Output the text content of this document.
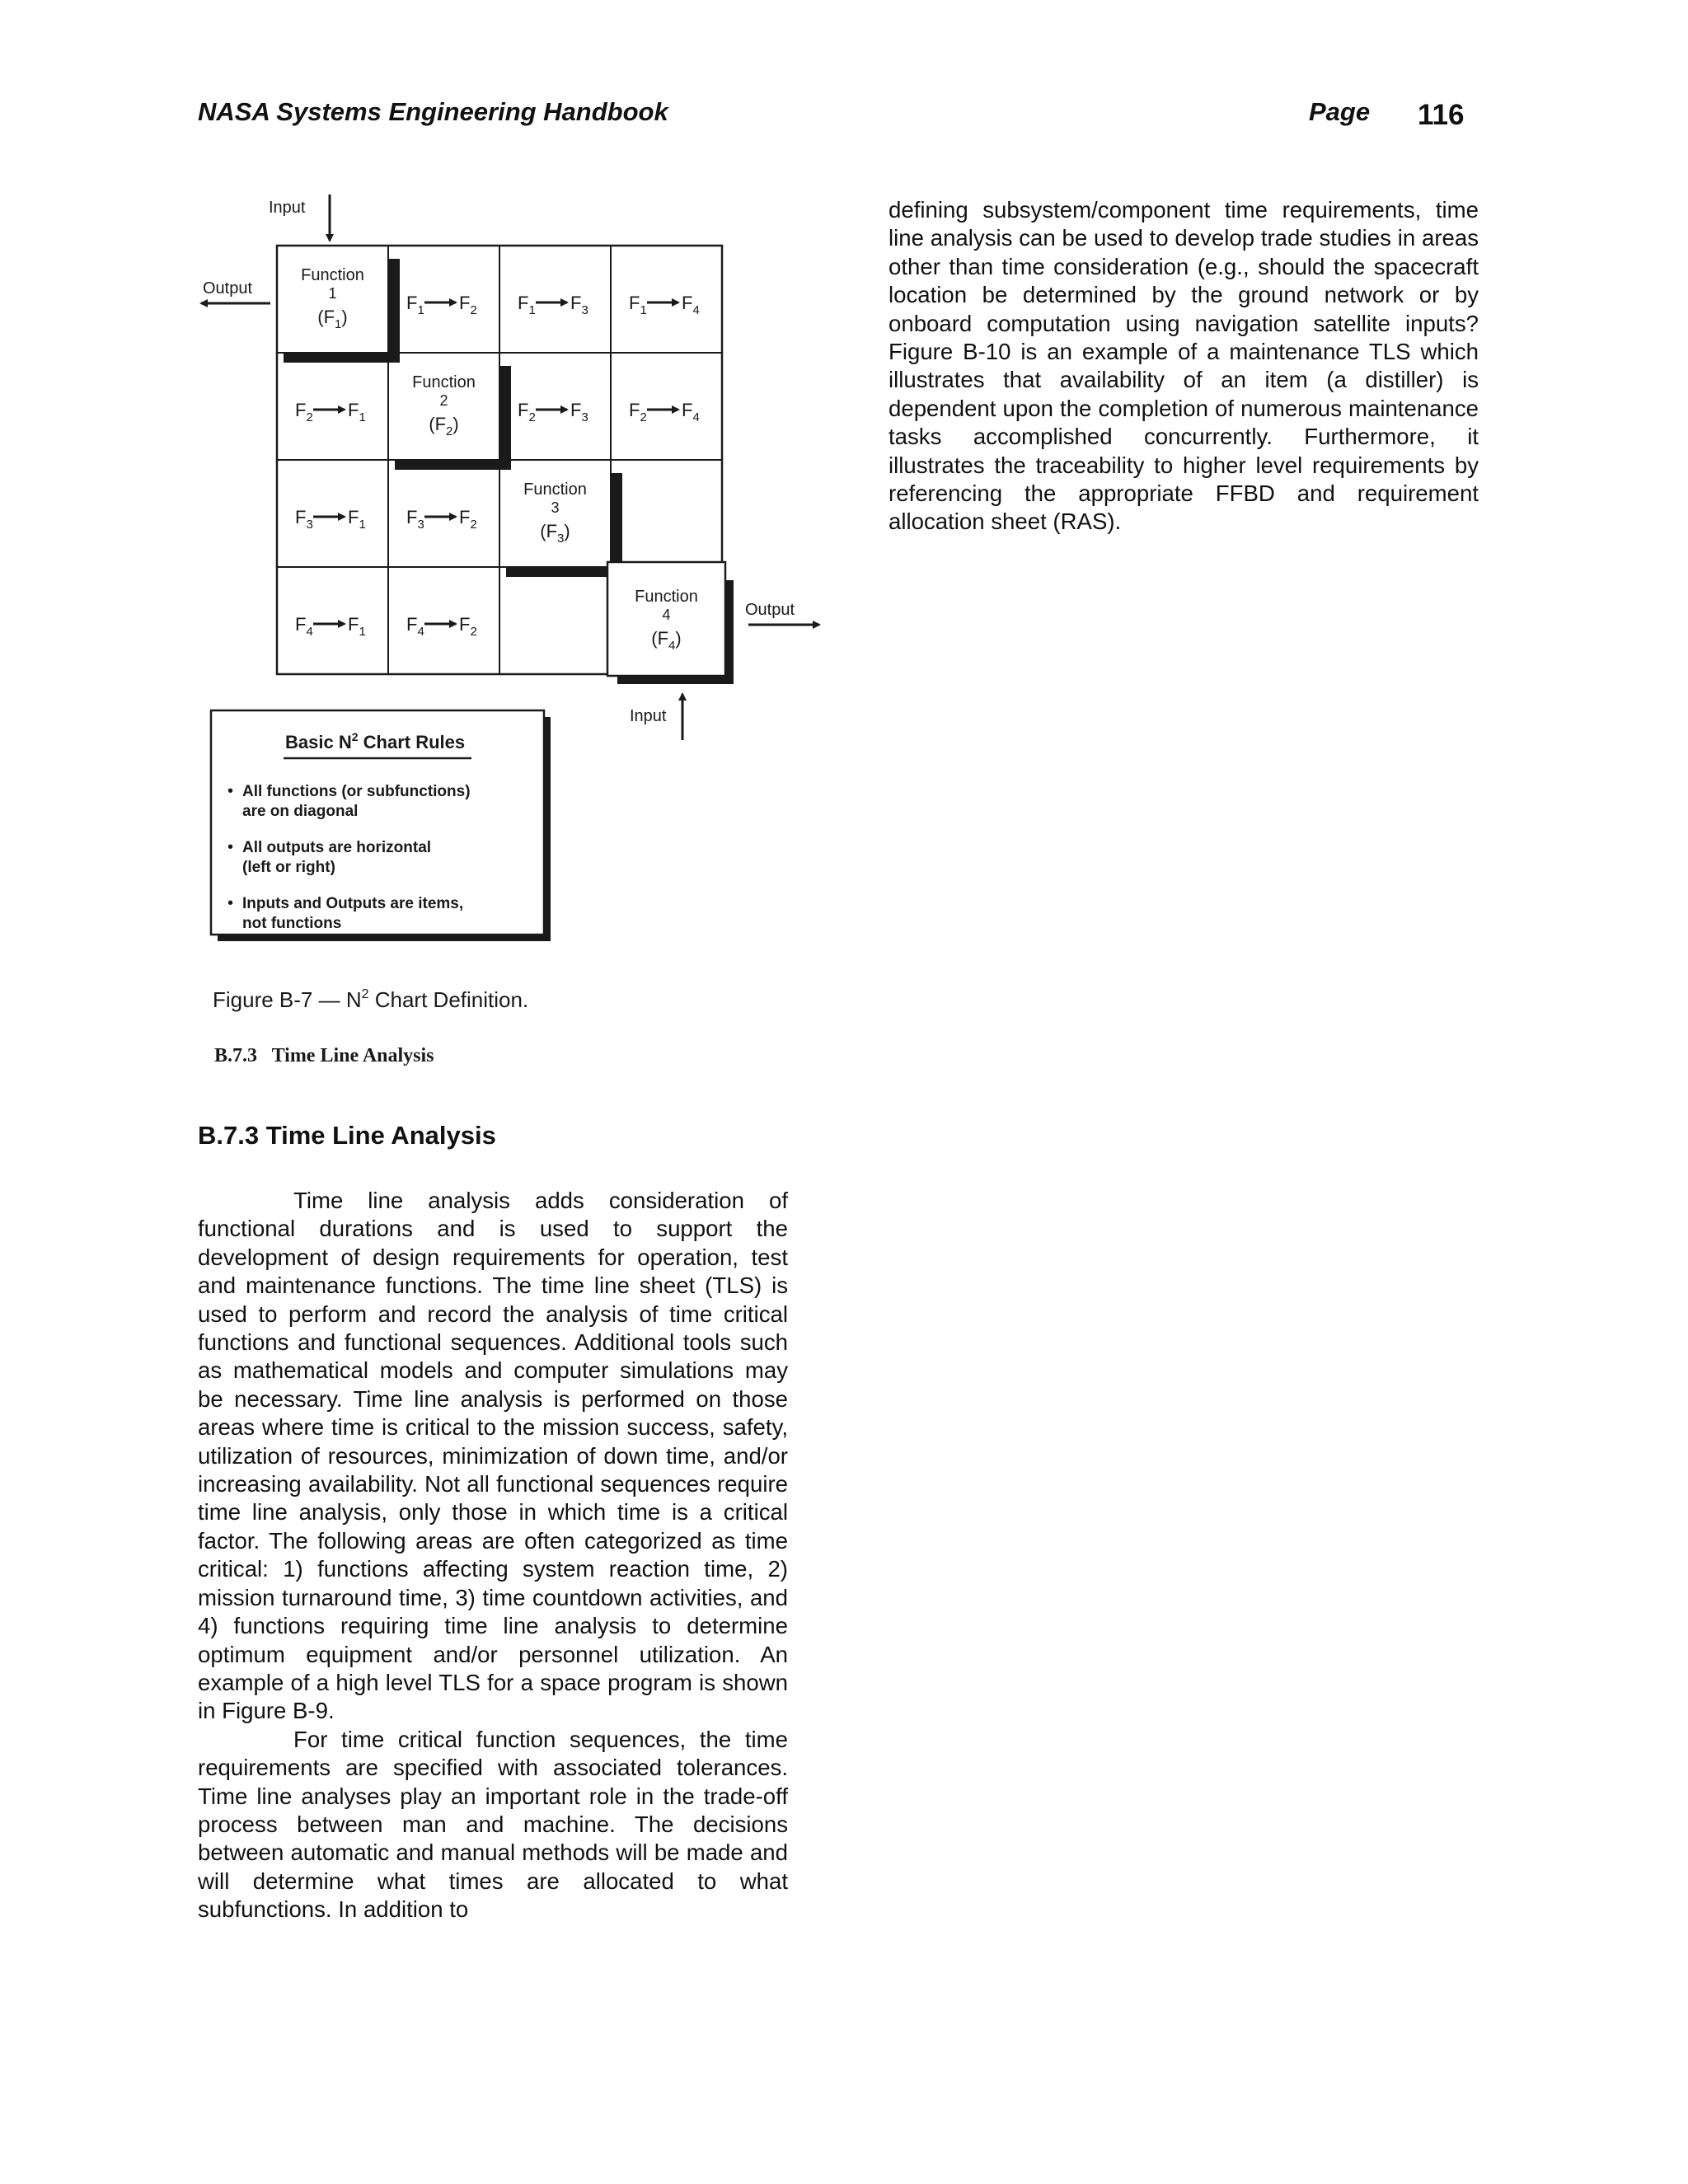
NASA Systems Engineering Handbook	Page 116
Function
1
$(F_1)$
Function
2
$(F_2)$
Function
3
$(F_3)$
Function
4
$(F_4)$
$F_1$ $F_2$ $F_1$ $F_3$ $F_1$ $F_4$
$F_2$ $F_1$	$F_2$ $F_3$ $F_2$ $F_4$
$F_3$ $F_1$ $F_3$ $F_2$
$F_4$ $F_1$ $F_4$ $F_2$
Input
Output
Output
Input
Basic $N^2$ Chart Rules
• All functions (or subfunctions)
are on diagonal
• All outputs are horizontal
(left or right)
• Inputs and Outputs are items,
not functions
Figure B-7 — $N^2$ Chart Definition.
B.7.3   Time Line Analysis
B.7.3 Time Line Analysis

Time line analysis adds consideration of functional durations and is used to support the development of design requirements for operation, test and maintenance functions. The time line sheet (TLS) is used to perform and record the analysis of time critical functions and functional sequences. Additional tools such as mathematical models and computer simulations may be necessary. Time line analysis is performed on those areas where time is critical to the mission success, safety, utilization of resources, minimization of down time, and/or increasing availability. Not all functional sequences require time line analysis, only those in which time is a critical factor. The following areas are often categorized as time critical: 1) functions affecting system reaction time, 2) mission turnaround time, 3) time countdown activities, and 4) functions requiring time line analysis to determine optimum equipment and/or personnel utilization. An example of a high level TLS for a space program is shown in Figure B-9.

For time critical function sequences, the time requirements are specified with associated tolerances. Time line analyses play an important role in the trade-off process between man and machine. The decisions between automatic and manual methods will be made and will determine what times are allocated to what subfunctions. In addition to

defining subsystem/component time requirements, time line analysis can be used to develop trade studies in areas other than time consideration (e.g., should the spacecraft location be determined by the ground network or by onboard computation using navigation satellite inputs? Figure B-10 is an example of a maintenance TLS which illustrates that availability of an item (a distiller) is dependent upon the completion of numerous maintenance tasks accomplished concurrently. Furthermore, it illustrates the traceability to higher level requirements by referencing the appropriate FFBD and requirement allocation sheet (RAS).
